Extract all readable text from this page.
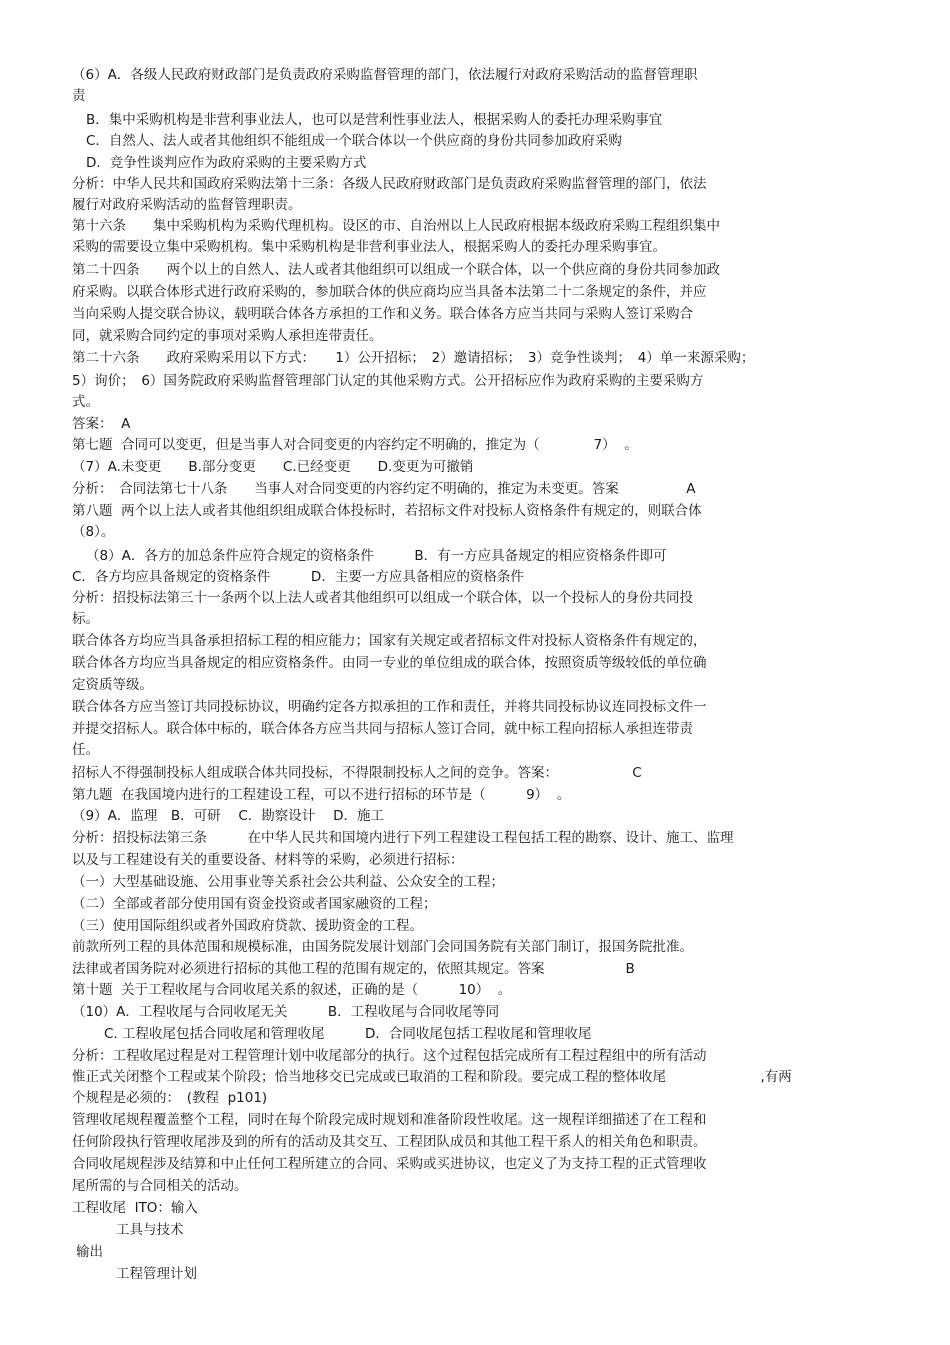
（6）A．各级人民政府财政部门是负责政府采购监督管理的部门，依法履行对政府采购活动的监督管理职
责
B．集中采购机构是非营利事业法人，也可以是营利性事业法人，根据采购人的委托办理采购事宜
C．自然人、法人或者其他组织不能组成一个联合体以一个供应商的身份共同参加政府采购
D．竞争性谈判应作为政府采购的主要采购方式
分析：中华人民共和国政府采购法第十三条：各级人民政府财政部门是负责政府采购监督管理的部门，依法
履行对政府采购活动的监督管理职责。
第十六条　　集中采购机构为采购代理机构。设区的市、自治州以上人民政府根据本级政府采购工程组织集中
采购的需要设立集中采购机构。集中采购机构是非营利事业法人，根据采购人的委托办理采购事宜。
第二十四条　　两个以上的自然人、法人或者其他组织可以组成一个联合体，以一个供应商的身份共同参加政
府采购。以联合体形式进行政府采购的，参加联合体的供应商均应当具备本法第二十二条规定的条件，并应
当向采购人提交联合协议，载明联合体各方承担的工作和义务。联合体各方应当共同与采购人签订采购合
同，就采购合同约定的事项对采购人承担连带责任。
第二十六条　　政府采购采用以下方式：　　1）公开招标；　2）邀请招标；　3）竞争性谈判；　4）单一来源采购；
5）询价；　6）国务院政府采购监督管理部门认定的其他采购方式。公开招标应作为政府采购的主要采购方
式。
答案：  A
第七题  合同可以变更，但是当事人对合同变更的内容约定不明确的，推定为（　　　　7）  。
（7）A.未变更　　B.部分变更　　C.已经变更　　D.变更为可撤销
分析：　合同法第七十八条　　当事人对合同变更的内容约定不明确的，推定为未变更。答案　　　　　A
第八题  两个以上法人或者其他组织组成联合体投标时，若招标文件对投标人资格条件有规定的，则联合体
（8）。
（8）A．各方的加总条件应符合规定的资格条件　　　B．有一方应具备规定的相应资格条件即可
C．各方均应具备规定的资格条件　　　D．主要一方应具备相应的资格条件
分析：招投标法第三十一条两个以上法人或者其他组织可以组成一个联合体，以一个投标人的身份共同投
标。
联合体各方均应当具备承担招标工程的相应能力；国家有关规定或者招标文件对投标人资格条件有规定的，
联合体各方均应当具备规定的相应资格条件。由同一专业的单位组成的联合体，按照资质等级较低的单位确
定资质等级。
联合体各方应当签订共同投标协议，明确约定各方拟承担的工作和责任，并将共同投标协议连同投标文件一
并提交招标人。联合体中标的，联合体各方应当共同与招标人签订合同，就中标工程向招标人承担连带责
任。
招标人不得强制投标人组成联合体共同投标，不得限制投标人之间的竞争。答案：　　　　　　C
第九题  在我国境内进行的工程建设工程，可以不进行招标的环节是（　　　9）  。
（9）A．监理　B．可研　 C．勘察设计　 D．施工
分析：招投标法第三条　　　在中华人民共和国境内进行下列工程建设工程包括工程的勘察、设计、施工、监理
以及与工程建设有关的重要设备、材料等的采购，必须进行招标：
（一）大型基础设施、公用事业等关系社会公共利益、公众安全的工程；
（二）全部或者部分使用国有资金投资或者国家融资的工程；
（三）使用国际组织或者外国政府贷款、援助资金的工程。
前款所列工程的具体范围和规模标准，由国务院发展计划部门会同国务院有关部门制订，报国务院批准。
法律或者国务院对必须进行招标的其他工程的范围有规定的，依照其规定。答案　　　　　　B
第十题  关于工程收尾与合同收尾关系的叙述，正确的是（　　　10）  。
（10）A．工程收尾与合同收尾无关　　　B．工程收尾与合同收尾等同
C. 工程收尾包括合同收尾和管理收尾　　　D．合同收尾包括工程收尾和管理收尾
分析：工程收尾过程是对工程管理计划中收尾部分的执行。这个过程包括完成所有工程过程组中的所有活动
惟正式关闭整个工程或某个阶段；恰当地移交已完成或已取消的工程和阶段。要完成工程的整体收尾　　　　　　　,有两
个规程是必须的：　(教程  p101)
管理收尾规程覆盖整个工程，同时在每个阶段完成时规划和准备阶段性收尾。这一规程详细描述了在工程和
任何阶段执行管理收尾涉及到的所有的活动及其交互、工程团队成员和其他工程干系人的相关角色和职责。
合同收尾规程涉及结算和中止任何工程所建立的合同、采购或买进协议，也定义了为支持工程的正式管理收
尾所需的与合同相关的活动。
工程收尾  ITO：输入
工具与技术
输出
工程管理计划
